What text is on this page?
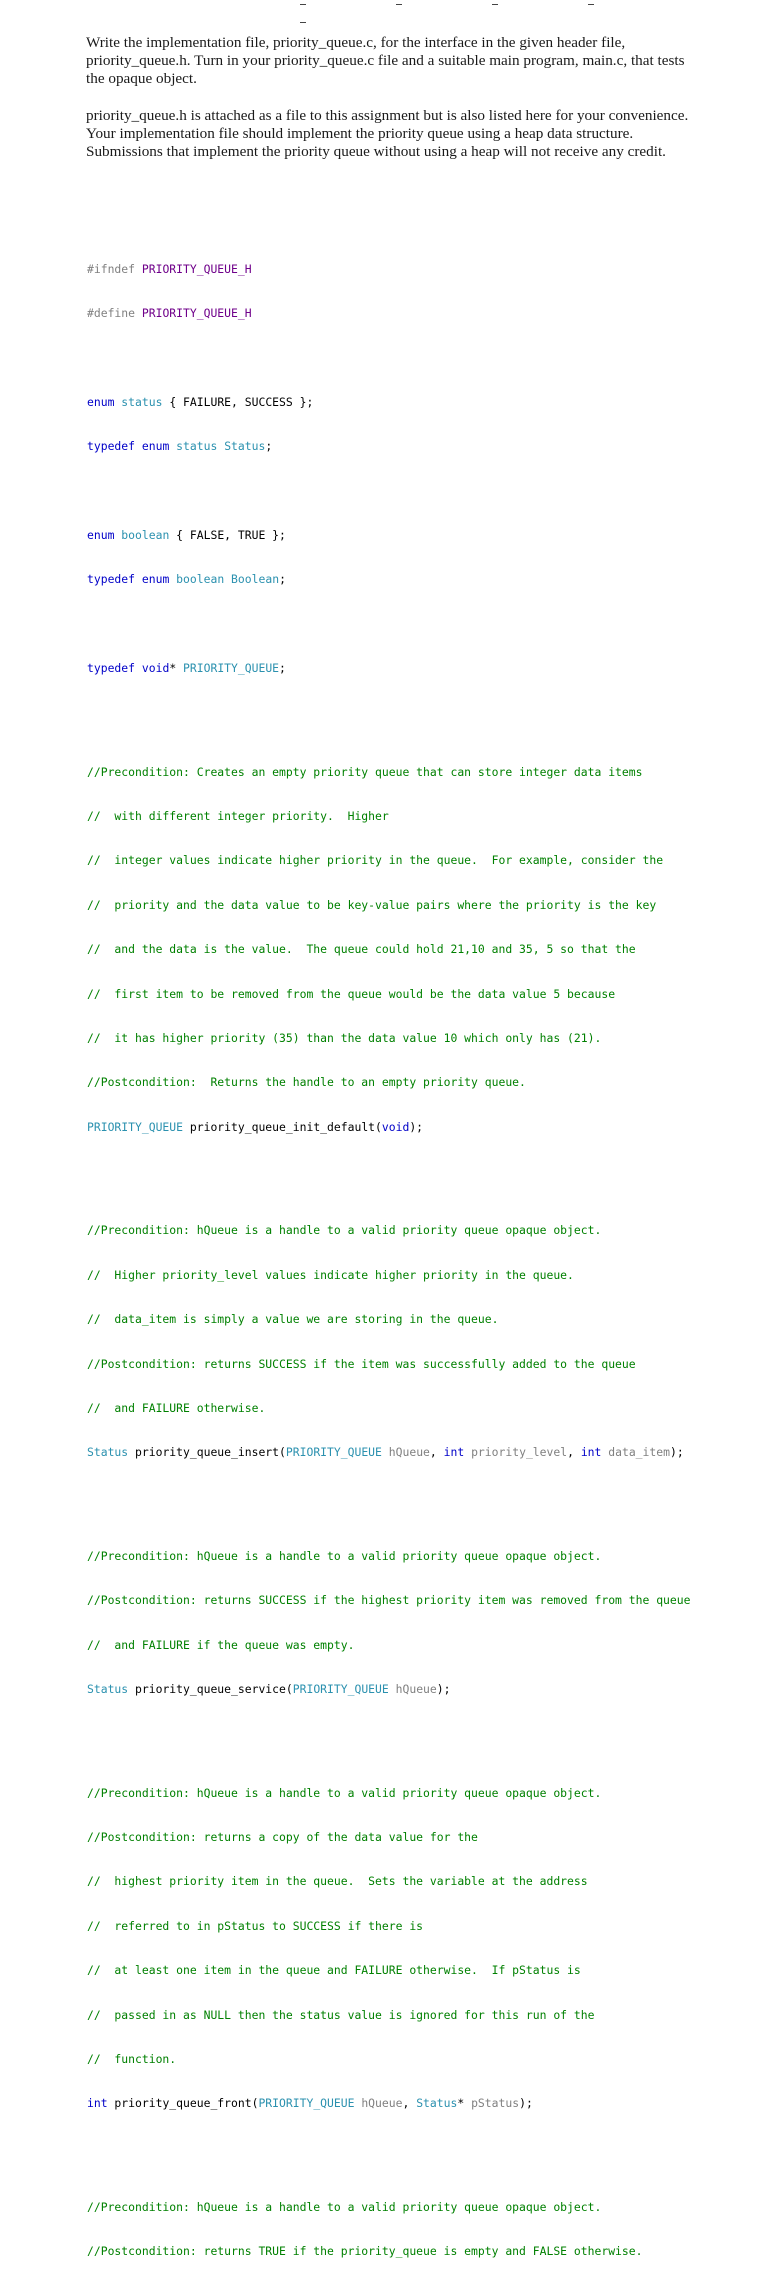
Write the implementation file, priority_queue.c, for the interface in the given header file, priority_queue.h. Turn in your priority_queue.c file and a suitable main program, main.c, that tests the opaque object.

priority_queue.h is attached as a file to this assignment but is also listed here for your convenience. Your implementation file should implement the priority queue using a heap data structure. Submissions that implement the priority queue without using a heap will not receive any credit.

#ifndef PRIORITY_QUEUE_H

#define PRIORITY_QUEUE_H

enum status { FAILURE, SUCCESS };

typedef enum status Status;

enum boolean { FALSE, TRUE };

typedef enum boolean Boolean;

typedef void* PRIORITY_QUEUE;

//Precondition: Creates an empty priority queue that can store integer data items

//  with different integer priority.  Higher

//  integer values indicate higher priority in the queue.  For example, consider the

//  priority and the data value to be key-value pairs where the priority is the key

//  and the data is the value.  The queue could hold 21,10 and 35, 5 so that the

//  first item to be removed from the queue would be the data value 5 because

//  it has higher priority (35) than the data value 10 which only has (21).

//Postcondition:  Returns the handle to an empty priority queue.

PRIORITY_QUEUE priority_queue_init_default(void);

//Precondition: hQueue is a handle to a valid priority queue opaque object.

//  Higher priority_level values indicate higher priority in the queue.

//  data_item is simply a value we are storing in the queue.

//Postcondition: returns SUCCESS if the item was successfully added to the queue

//  and FAILURE otherwise.

Status priority_queue_insert(PRIORITY_QUEUE hQueue, int priority_level, int data_item);

//Precondition: hQueue is a handle to a valid priority queue opaque object.

//Postcondition: returns SUCCESS if the highest priority item was removed from the queue

//  and FAILURE if the queue was empty.

Status priority_queue_service(PRIORITY_QUEUE hQueue);

//Precondition: hQueue is a handle to a valid priority queue opaque object.

//Postcondition: returns a copy of the data value for the

//  highest priority item in the queue.  Sets the variable at the address

//  referred to in pStatus to SUCCESS if there is

//  at least one item in the queue and FAILURE otherwise.  If pStatus is

//  passed in as NULL then the status value is ignored for this run of the

//  function.

int priority_queue_front(PRIORITY_QUEUE hQueue, Status* pStatus);

//Precondition: hQueue is a handle to a valid priority queue opaque object.

//Postcondition: returns TRUE if the priority_queue is empty and FALSE otherwise.
